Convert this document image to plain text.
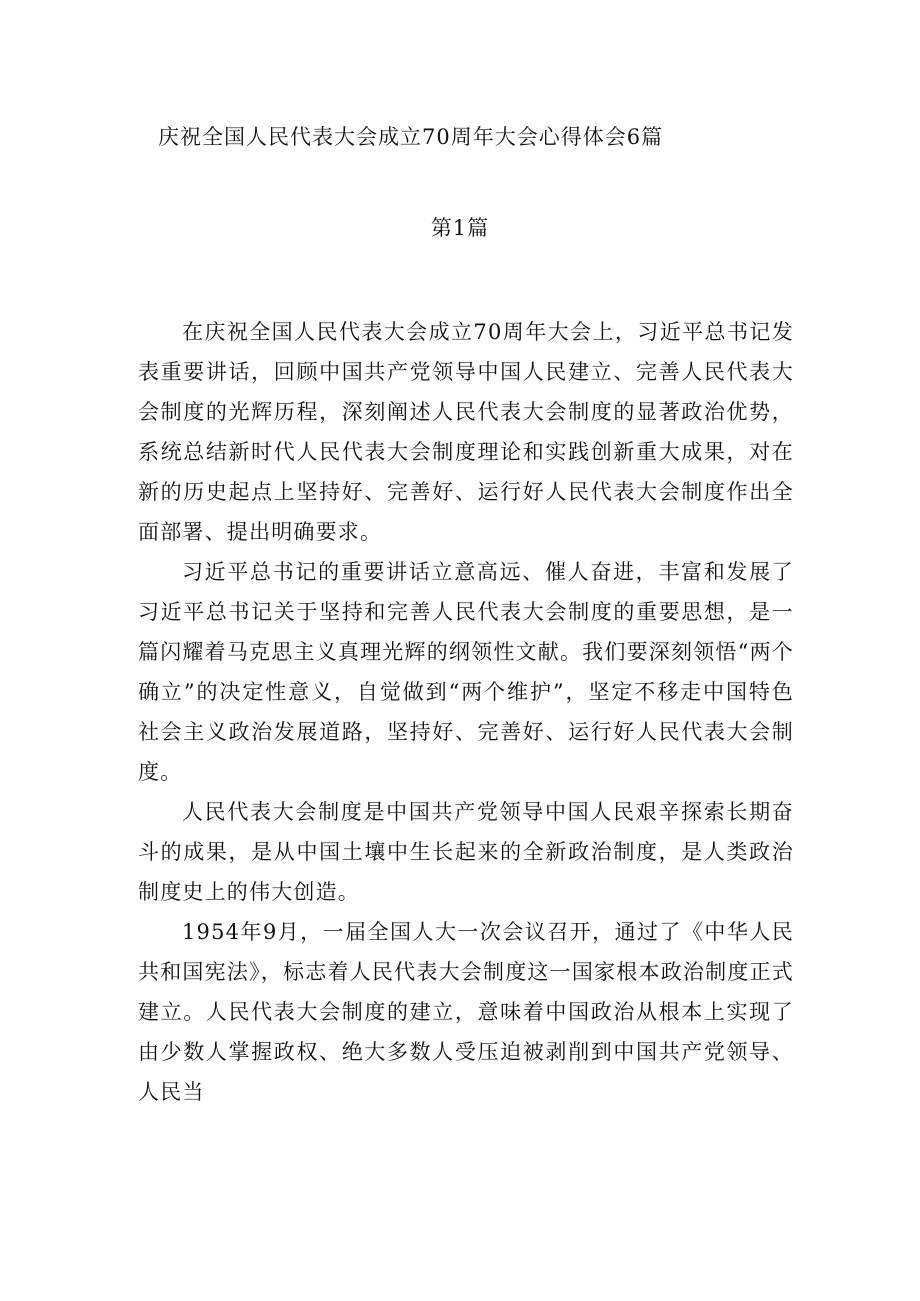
庆祝全国人民代表大会成立70周年大会心得体会6篇
第1篇

在庆祝全国人民代表大会成立70周年大会上，习近平总书记发表重要讲话，回顾中国共产党领导中国人民建立、完善人民代表大会制度的光辉历程，深刻阐述人民代表大会制度的显著政治优势，系统总结新时代人民代表大会制度理论和实践创新重大成果，对在新的历史起点上坚持好、完善好、运行好人民代表大会制度作出全面部署、提出明确要求。

习近平总书记的重要讲话立意高远、催人奋进，丰富和发展了习近平总书记关于坚持和完善人民代表大会制度的重要思想，是一篇闪耀着马克思主义真理光辉的纲领性文献。我们要深刻领悟“两个确立”的决定性意义，自觉做到“两个维护”，坚定不移走中国特色社会主义政治发展道路，坚持好、完善好、运行好人民代表大会制度。

人民代表大会制度是中国共产党领导中国人民艰辛探索长期奋斗的成果，是从中国土壤中生长起来的全新政治制度，是人类政治制度史上的伟大创造。

1954年9月，一届全国人大一次会议召开，通过了《中华人民共和国宪法》，标志着人民代表大会制度这一国家根本政治制度正式建立。人民代表大会制度的建立，意味着中国政治从根本上实现了由少数人掌握政权、绝大多数人受压迫被剥削到中国共产党领导、人民当
